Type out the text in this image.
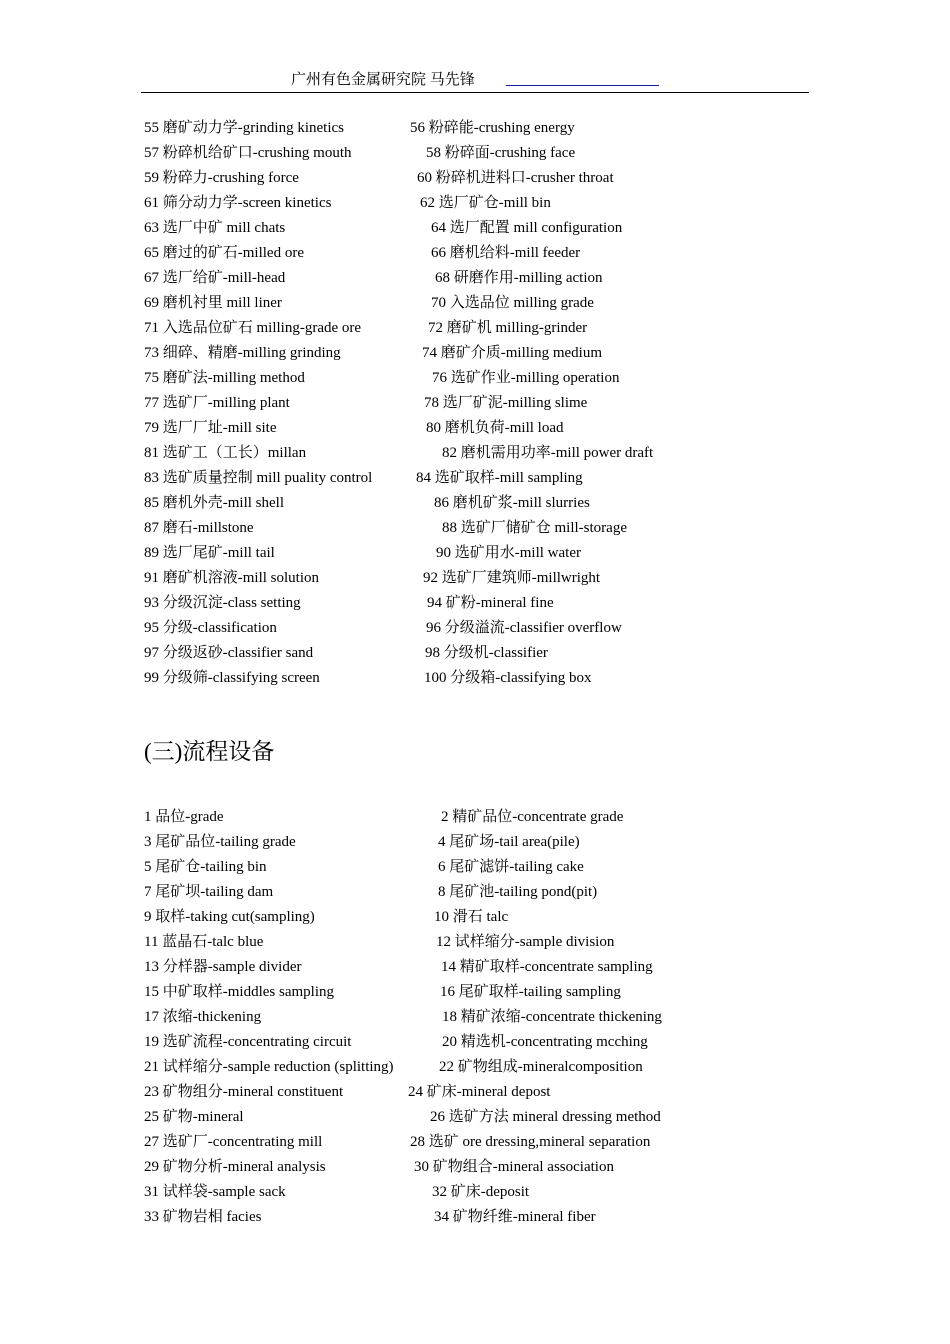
广州有色金属研究院 马先锋
55 磨矿动力学-grinding kinetics	56 粉碎能-crushing energy
57 粉碎机给矿口-crushing mouth	58 粉碎面-crushing face
59 粉碎力-crushing force	60 粉碎机进料口-crusher throat
61 筛分动力学-screen kinetics	62 选厂矿仓-mill bin
63 选厂中矿 mill chats	64 选厂配置 mill configuration
65 磨过的矿石-milled ore	66 磨机给料-mill feeder
67 选厂给矿-mill-head	68 研磨作用-milling action
69 磨机衬里 mill liner	70 入选品位 milling grade
71 入选品位矿石 milling-grade ore	72 磨矿机 milling-grinder
73 细碎、精磨-milling grinding	74 磨矿介质-milling medium
75 磨矿法-milling method	76 选矿作业-milling operation
77 选矿厂-milling plant	78 选厂矿泥-milling slime
79 选厂厂址-mill site	80 磨机负荷-mill load
81 选矿工（工长）millan	82 磨机需用功率-mill power draft
83 选矿质量控制 mill puality control	84 选矿取样-mill sampling
85 磨机外壳-mill shell	86 磨机矿浆-mill slurries
87 磨石-millstone	88 选矿厂储矿仓 mill-storage
89 选厂尾矿-mill tail	90 选矿用水-mill water
91 磨矿机溶液-mill solution	92 选矿厂建筑师-millwright
93 分级沉淀-class setting	94 矿粉-mineral fine
95 分级-classification	96 分级溢流-classifier overflow
97 分级返砂-classifier sand	98 分级机-classifier
99 分级筛-classifying screen	100 分级箱-classifying box
(三)流程设备
1 品位-grade	2 精矿品位-concentrate grade
3 尾矿品位-tailing grade	4 尾矿场-tail area(pile)
5 尾矿仓-tailing bin	6 尾矿滤饼-tailing cake
7 尾矿坝-tailing dam	8 尾矿池-tailing pond(pit)
9 取样-taking cut(sampling)	10 滑石 talc
11 蓝晶石-talc blue	12 试样缩分-sample division
13 分样器-sample divider	14 精矿取样-concentrate sampling
15 中矿取样-middles sampling	16 尾矿取样-tailing sampling
17 浓缩-thickening	18 精矿浓缩-concentrate thickening
19 选矿流程-concentrating circuit	20 精选机-concentrating mcching
21 试样缩分-sample reduction (splitting)	22 矿物组成-mineralcomposition
23 矿物组分-mineral constituent	24 矿床-mineral depost
25 矿物-mineral	26 选矿方法 mineral dressing method
27 选矿厂-concentrating mill	28 选矿 ore dressing,mineral separation
29 矿物分析-mineral analysis	30 矿物组合-mineral association
31 试样袋-sample sack	32 矿床-deposit
33 矿物岩相 facies	34 矿物纤维-mineral fiber
